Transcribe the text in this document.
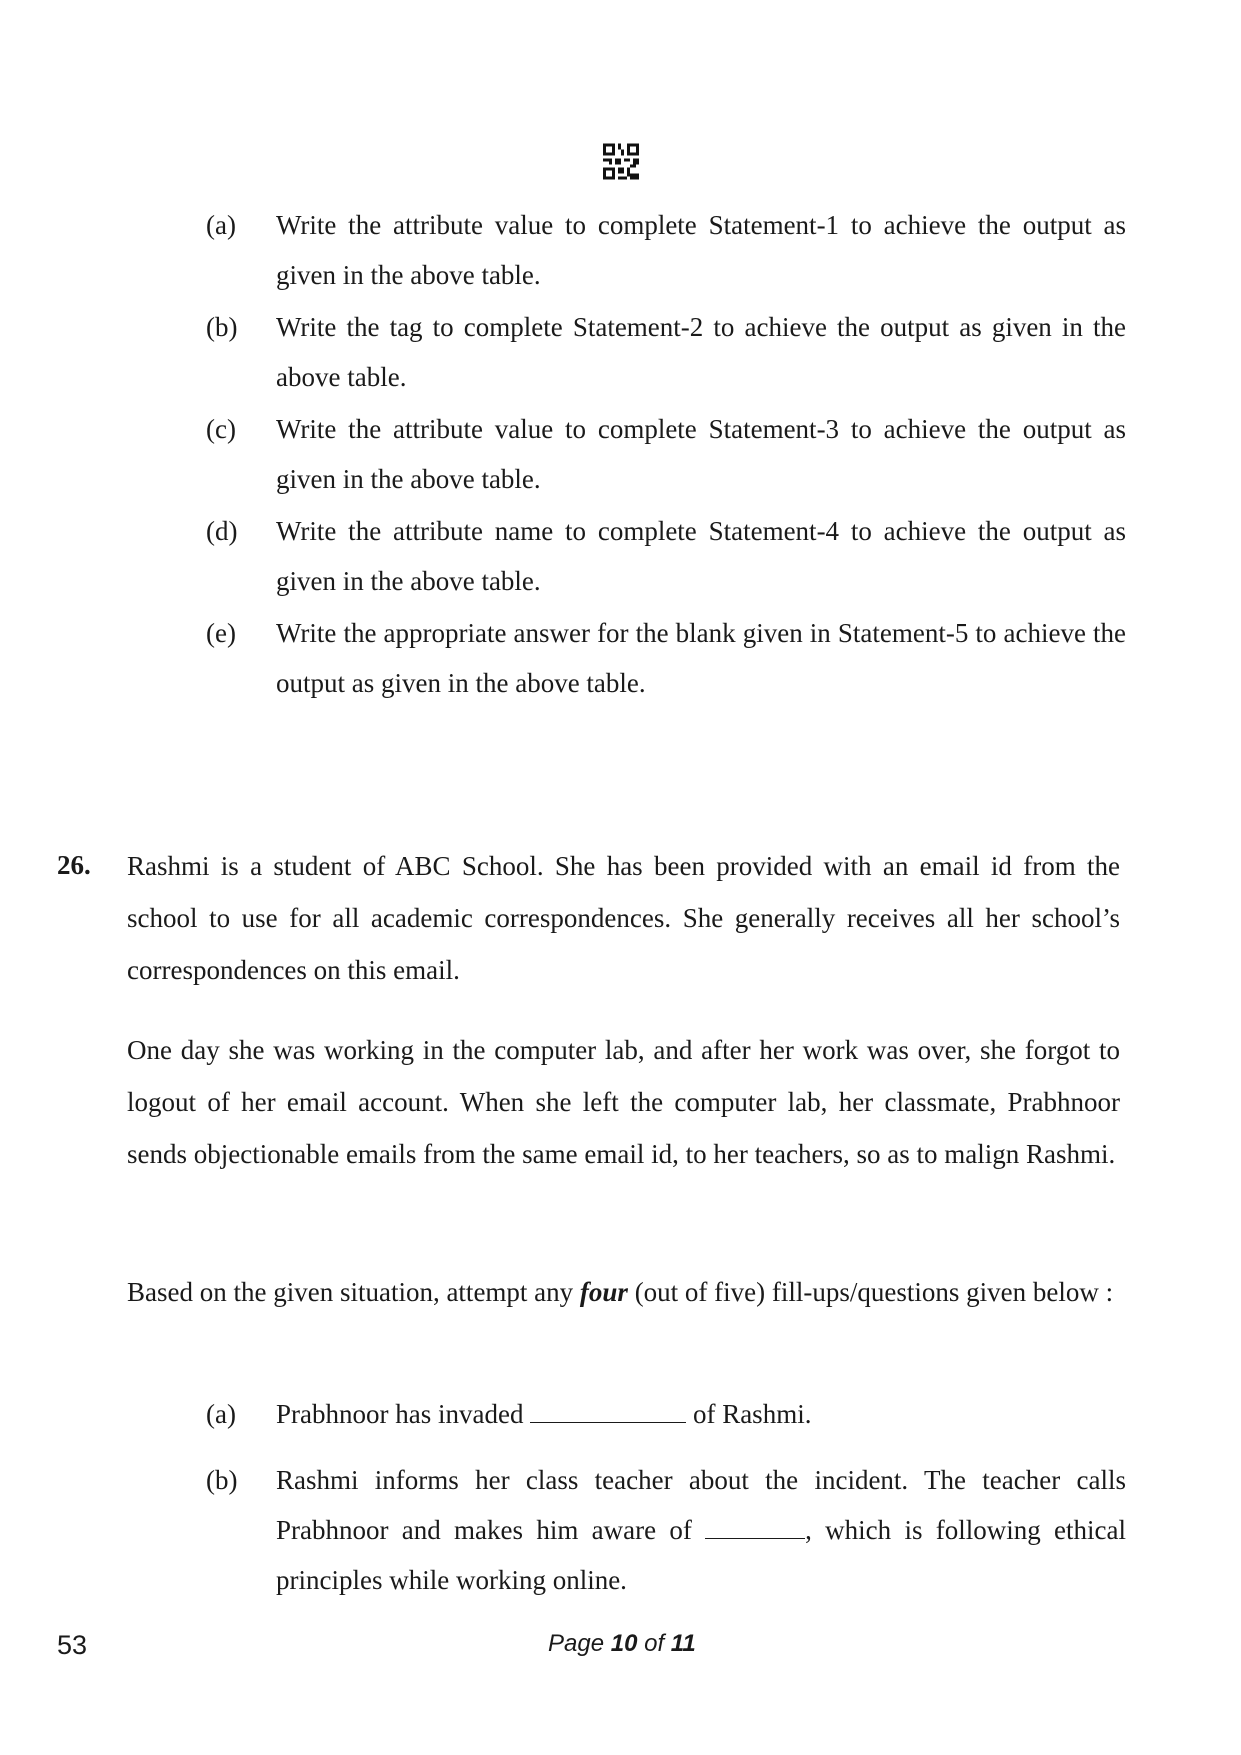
(a) Write the attribute value to complete Statement-1 to achieve the output as given in the above table.
(b) Write the tag to complete Statement-2 to achieve the output as given in the above table.
(c) Write the attribute value to complete Statement-3 to achieve the output as given in the above table.
(d) Write the attribute name to complete Statement-4 to achieve the output as given in the above table.
(e) Write the appropriate answer for the blank given in Statement-5 to achieve the output as given in the above table.
26. Rashmi is a student of ABC School. She has been provided with an email id from the school to use for all academic correspondences. She generally receives all her school’s correspondences on this email.
One day she was working in the computer lab, and after her work was over, she forgot to logout of her email account. When she left the computer lab, her classmate, Prabhnoor sends objectionable emails from the same email id, to her teachers, so as to malign Rashmi.
Based on the given situation, attempt any four (out of five) fill-ups/questions given below :
(a) Prabhnoor has invaded	of Rashmi.
(b) Rashmi informs her class teacher about the incident. The teacher calls Prabhnoor and makes him aware of	, which is following ethical principles while working online.
53	Page 10 of 11
